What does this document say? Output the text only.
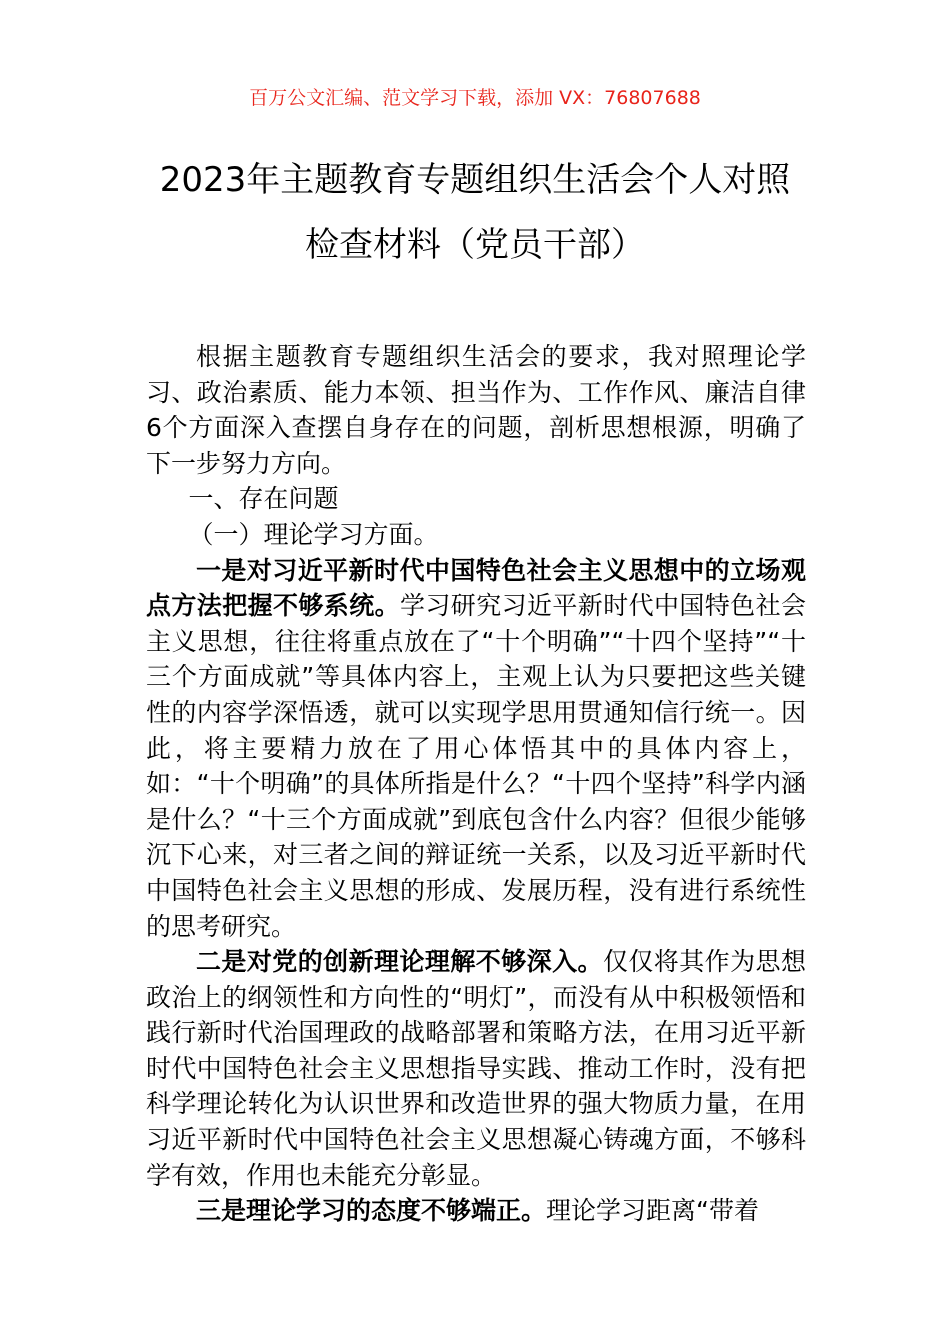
百万公文汇编、范文学习下载，添加 VX：76807688
2023年主题教育专题组织生活会个人对照
检查材料（党员干部）

根据主题教育专题组织生活会的要求，我对照理论学习、政治素质、能力本领、担当作为、工作作风、廉洁自律6个方面深入查摆自身存在的问题，剖析思想根源，明确了下一步努力方向。

一、存在问题

（一）理论学习方面。

一是对习近平新时代中国特色社会主义思想中的立场观点方法把握不够系统。学习研究习近平新时代中国特色社会主义思想，往往将重点放在了“十个明确”“十四个坚持”“十三个方面成就”等具体内容上，主观上认为只要把这些关键性的内容学深悟透，就可以实现学思用贯通知信行统一。因此，将主要精力放在了用心体悟其中的具体内容上，如：“十个明确”的具体所指是什么？“十四个坚持”科学内涵是什么？“十三个方面成就”到底包含什么内容？但很少能够沉下心来，对三者之间的辩证统一关系，以及习近平新时代中国特色社会主义思想的形成、发展历程，没有进行系统性的思考研究。

二是对党的创新理论理解不够深入。仅仅将其作为思想政治上的纲领性和方向性的“明灯”，而没有从中积极领悟和践行新时代治国理政的战略部署和策略方法，在用习近平新时代中国特色社会主义思想指导实践、推动工作时，没有把科学理论转化为认识世界和改造世界的强大物质力量，在用习近平新时代中国特色社会主义思想凝心铸魂方面，不够科学有效，作用也未能充分彰显。

三是理论学习的态度不够端正。理论学习距离“带着
